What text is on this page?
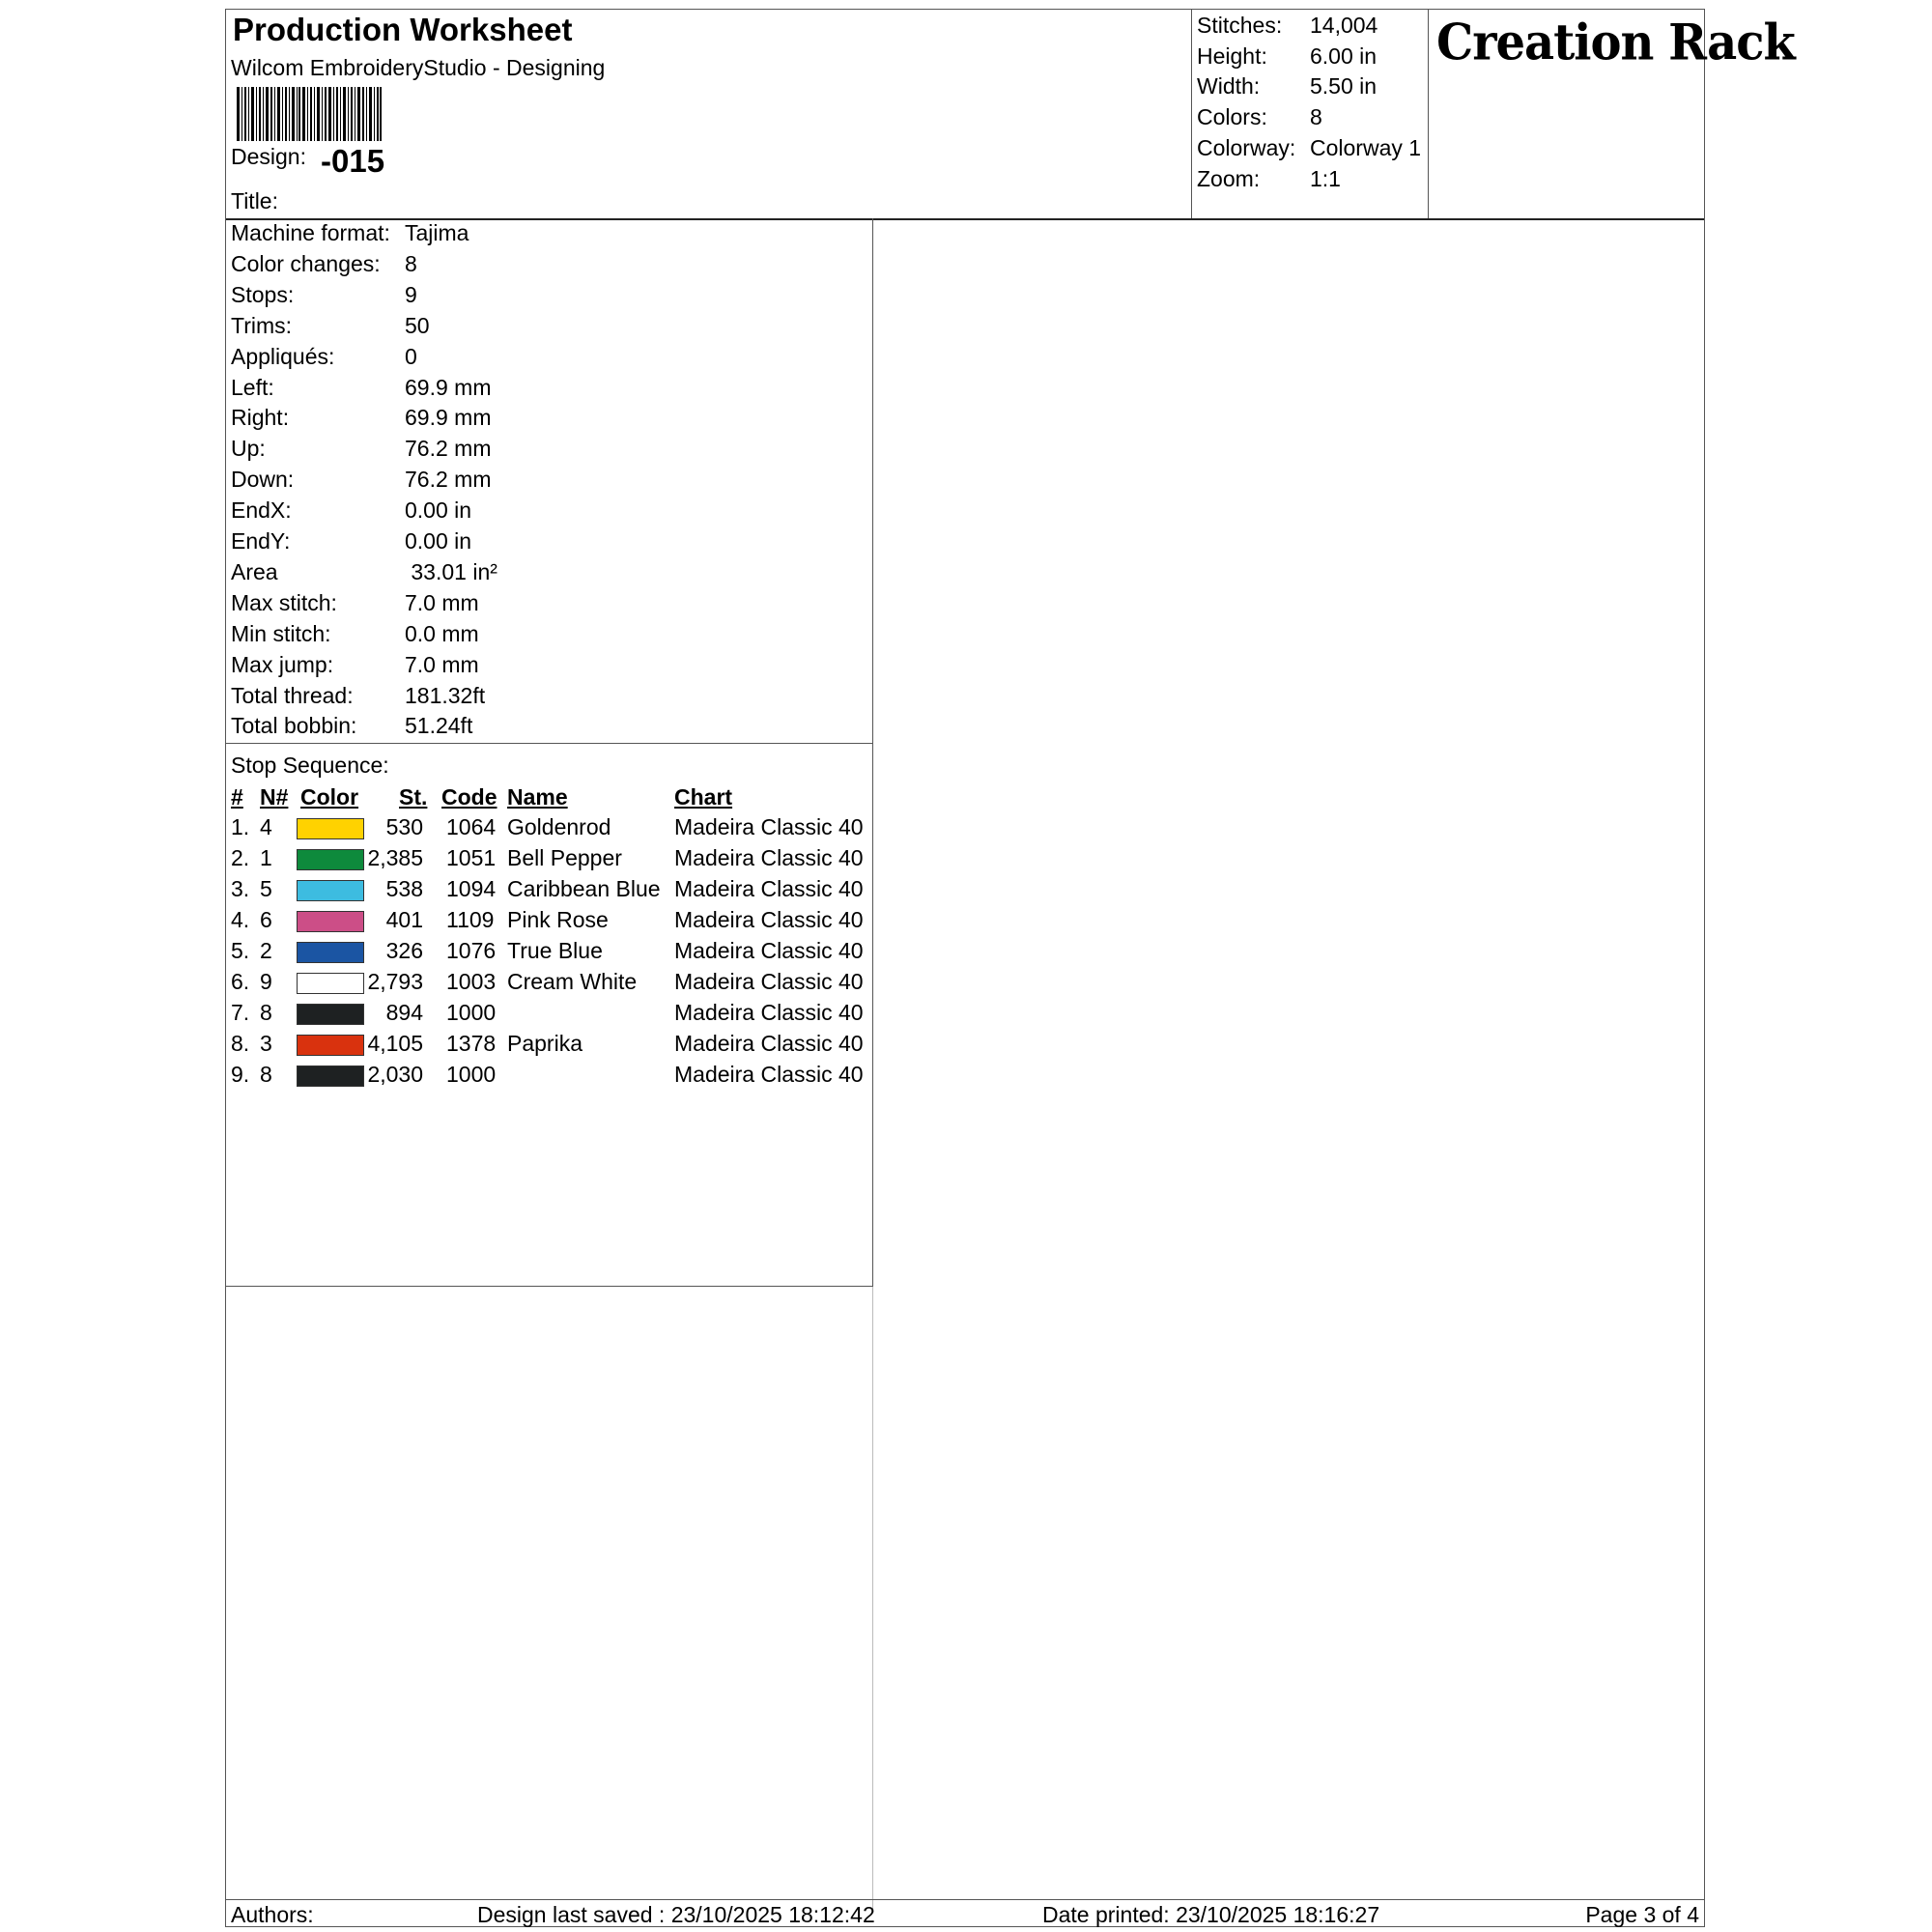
Production Worksheet
Wilcom EmbroideryStudio - Designing
Design: -015
Title:
Stitches: 14,004
Height: 6.00 in
Width: 5.50 in
Colors: 8
Colorway: Colorway 1
Zoom: 1:1
Creation Rack
Machine format: Tajima
Color changes: 8
Stops:	9
Trims:	50
Appliqués:	0
Left:	69.9 mm
Right:	69.9 mm
Up:	76.2 mm
Down:	76.2 mm
EndX:	0.00 in
EndY:	0.00 in
Area	33.01 in²
Max stitch:	7.0 mm
Min stitch:	0.0 mm
Max jump:	7.0 mm
Total thread: 181.32ft
Total bobbin: 51.24ft
Stop Sequence:
# N# Color St. Code Name	Chart
1. 4	530 1064 Goldenrod	Madeira Classic 40
2. 1	2,385 1051 Bell Pepper Madeira Classic 40
3. 5	538 1094 Caribbean Blue Madeira Classic 40
4. 6	401 1109 Pink Rose	Madeira Classic 40
5. 2	326 1076 True Blue	Madeira Classic 40
6. 9	2,793 1003 Cream White Madeira Classic 40
7. 8	894 1000	Madeira Classic 40
8. 3	4,105 1378 Paprika	Madeira Classic 40
9. 8	2,030 1000	Madeira Classic 40
Authors:	Design last saved : 23/10/2025 18:12:42	Date printed: 23/10/2025 18:16:27	Page 3 of 4
